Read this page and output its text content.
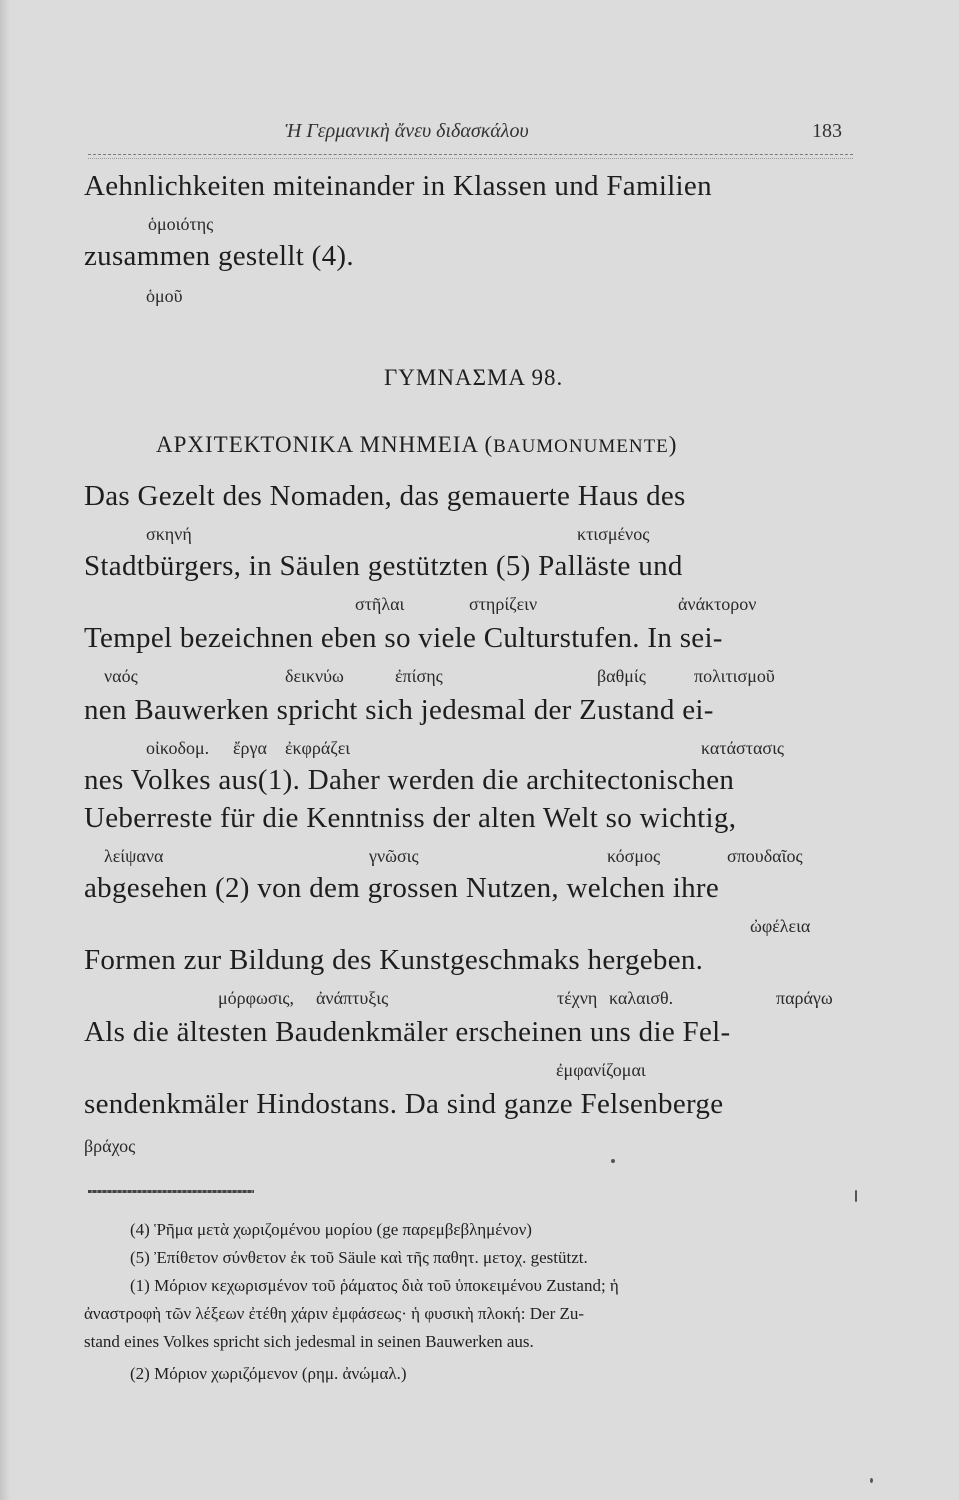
Ἡ Γερμανικὴ ἄνευ διδασκάλου	183
Aehnlichkeiten miteinander in Klassen und Familien
ὁμοιότης
zusammen gestellt (4).
ὁμοῦ
ΓΥΜΝΑΣΜΑ 98.
ΑΡΧΙΤΕΚΤΟΝΙΚΑ ΜΝΗΜΕΙΑ (BAUMONUMENTE)
Das Gezelt des Nomaden, das gemauerte Haus des
σκηνή	κτισμένος
Stadtbürgers, in Säulen gestützten (5) Palläste und
στῆλαι	στηρίζειν	ἀνάκτορον
Tempel bezeichnen eben so viele Culturstufen. In sei-
ναός	δεικνύω	ἐπίσης	βαθμίς	πολιτισμοῦ
nen Bauwerken spricht sich jedesmal der Zustand ei-
οἰκοδομ. ἔργα ἐκφράζει	κατάστασις
nes Volkes aus(1). Daher werden die architectonischen
Ueberreste für die Kenntniss der alten Welt so wichtig,
λείψανα	γνῶσις	κόσμος	σπουδαῖος
abgesehen (2) von dem grossen Nutzen, welchen ihre
ὠφέλεια
Formen zur Bildung des Kunstgeschmaks hergeben.
μόρφωσις, ἀνάπτυξις	τέχνη καλαισθ.	παράγω
Als die ältesten Baudenkmäler erscheinen uns die Fel-
ἐμφανίζομαι
sendenkmäler Hindostans. Da sind ganze Felsenberge
βράχος
(4) Ῥῆμα μετὰ χωριζομένου μορίου (ge παρεμβεβλημένον)
(5) Ἐπίθετον σύνθετον ἐκ τοῦ Säule καὶ τῆς παθητ. μετοχ. gestützt.
(1) Μόριον κεχωρισμένον τοῦ ῥάματος διὰ τοῦ ὑποκειμένου Zustand; ἡ
ἀναστροφὴ τῶν λέξεων ἐτέθη χάριν ἐμφάσεως· ἡ φυσικὴ πλοκή: Der Zu-
stand eines Volkes spricht sich jedesmal in seinen Bauwerken aus.
(2) Μόριον χωριζόμενον (ρημ. ἀνώμαλ.)
